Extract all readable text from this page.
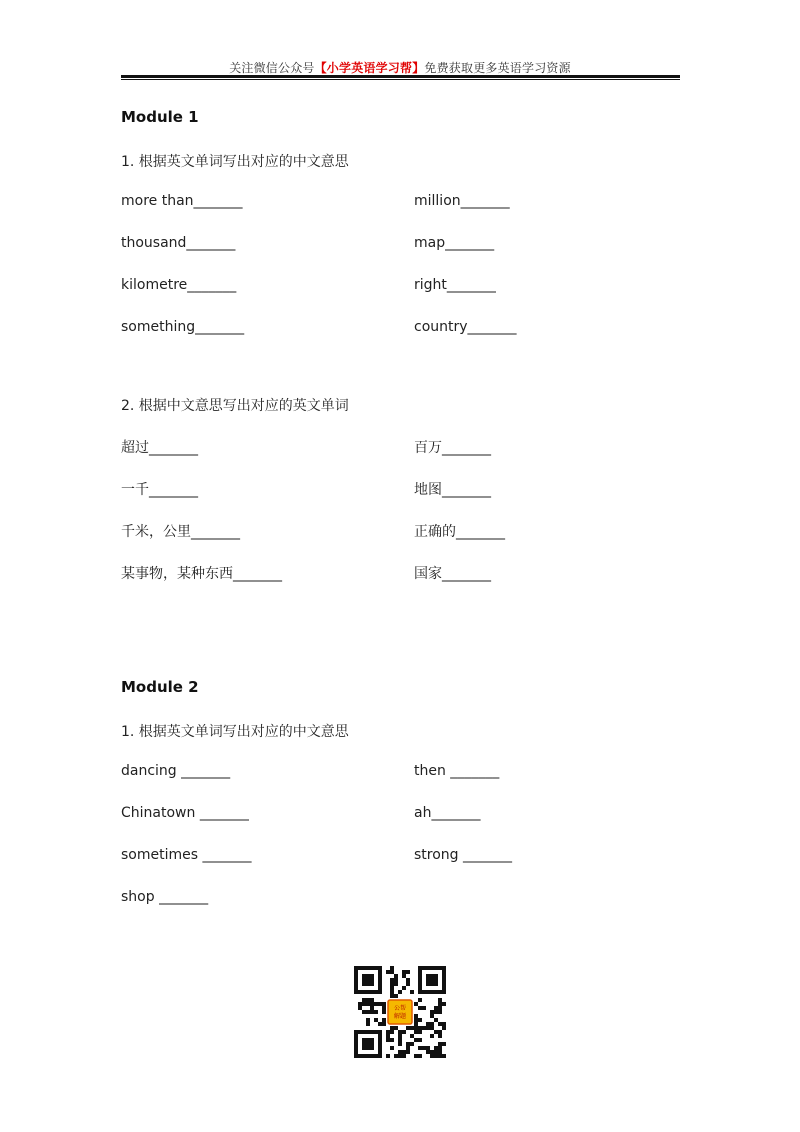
关注微信公众号【小学英语学习帮】免费获取更多英语学习资源
Module 1
1. 根据英文单词写出对应的中文意思
more than_______	million_______
thousand_______	map_______
kilometre_______	right_______
something_______	country_______
2. 根据中文意思写出对应的英文单词
超过_______	百万_______
一千_______	地图_______
千米，公里_______	正确的_______
某事物，某种东西_______	国家_______
Module 2
1. 根据英文单词写出对应的中文意思
dancing _______	then _______
Chinatown _______	ah_______
sometimes _______	strong _______
shop _______
公帮
解题
